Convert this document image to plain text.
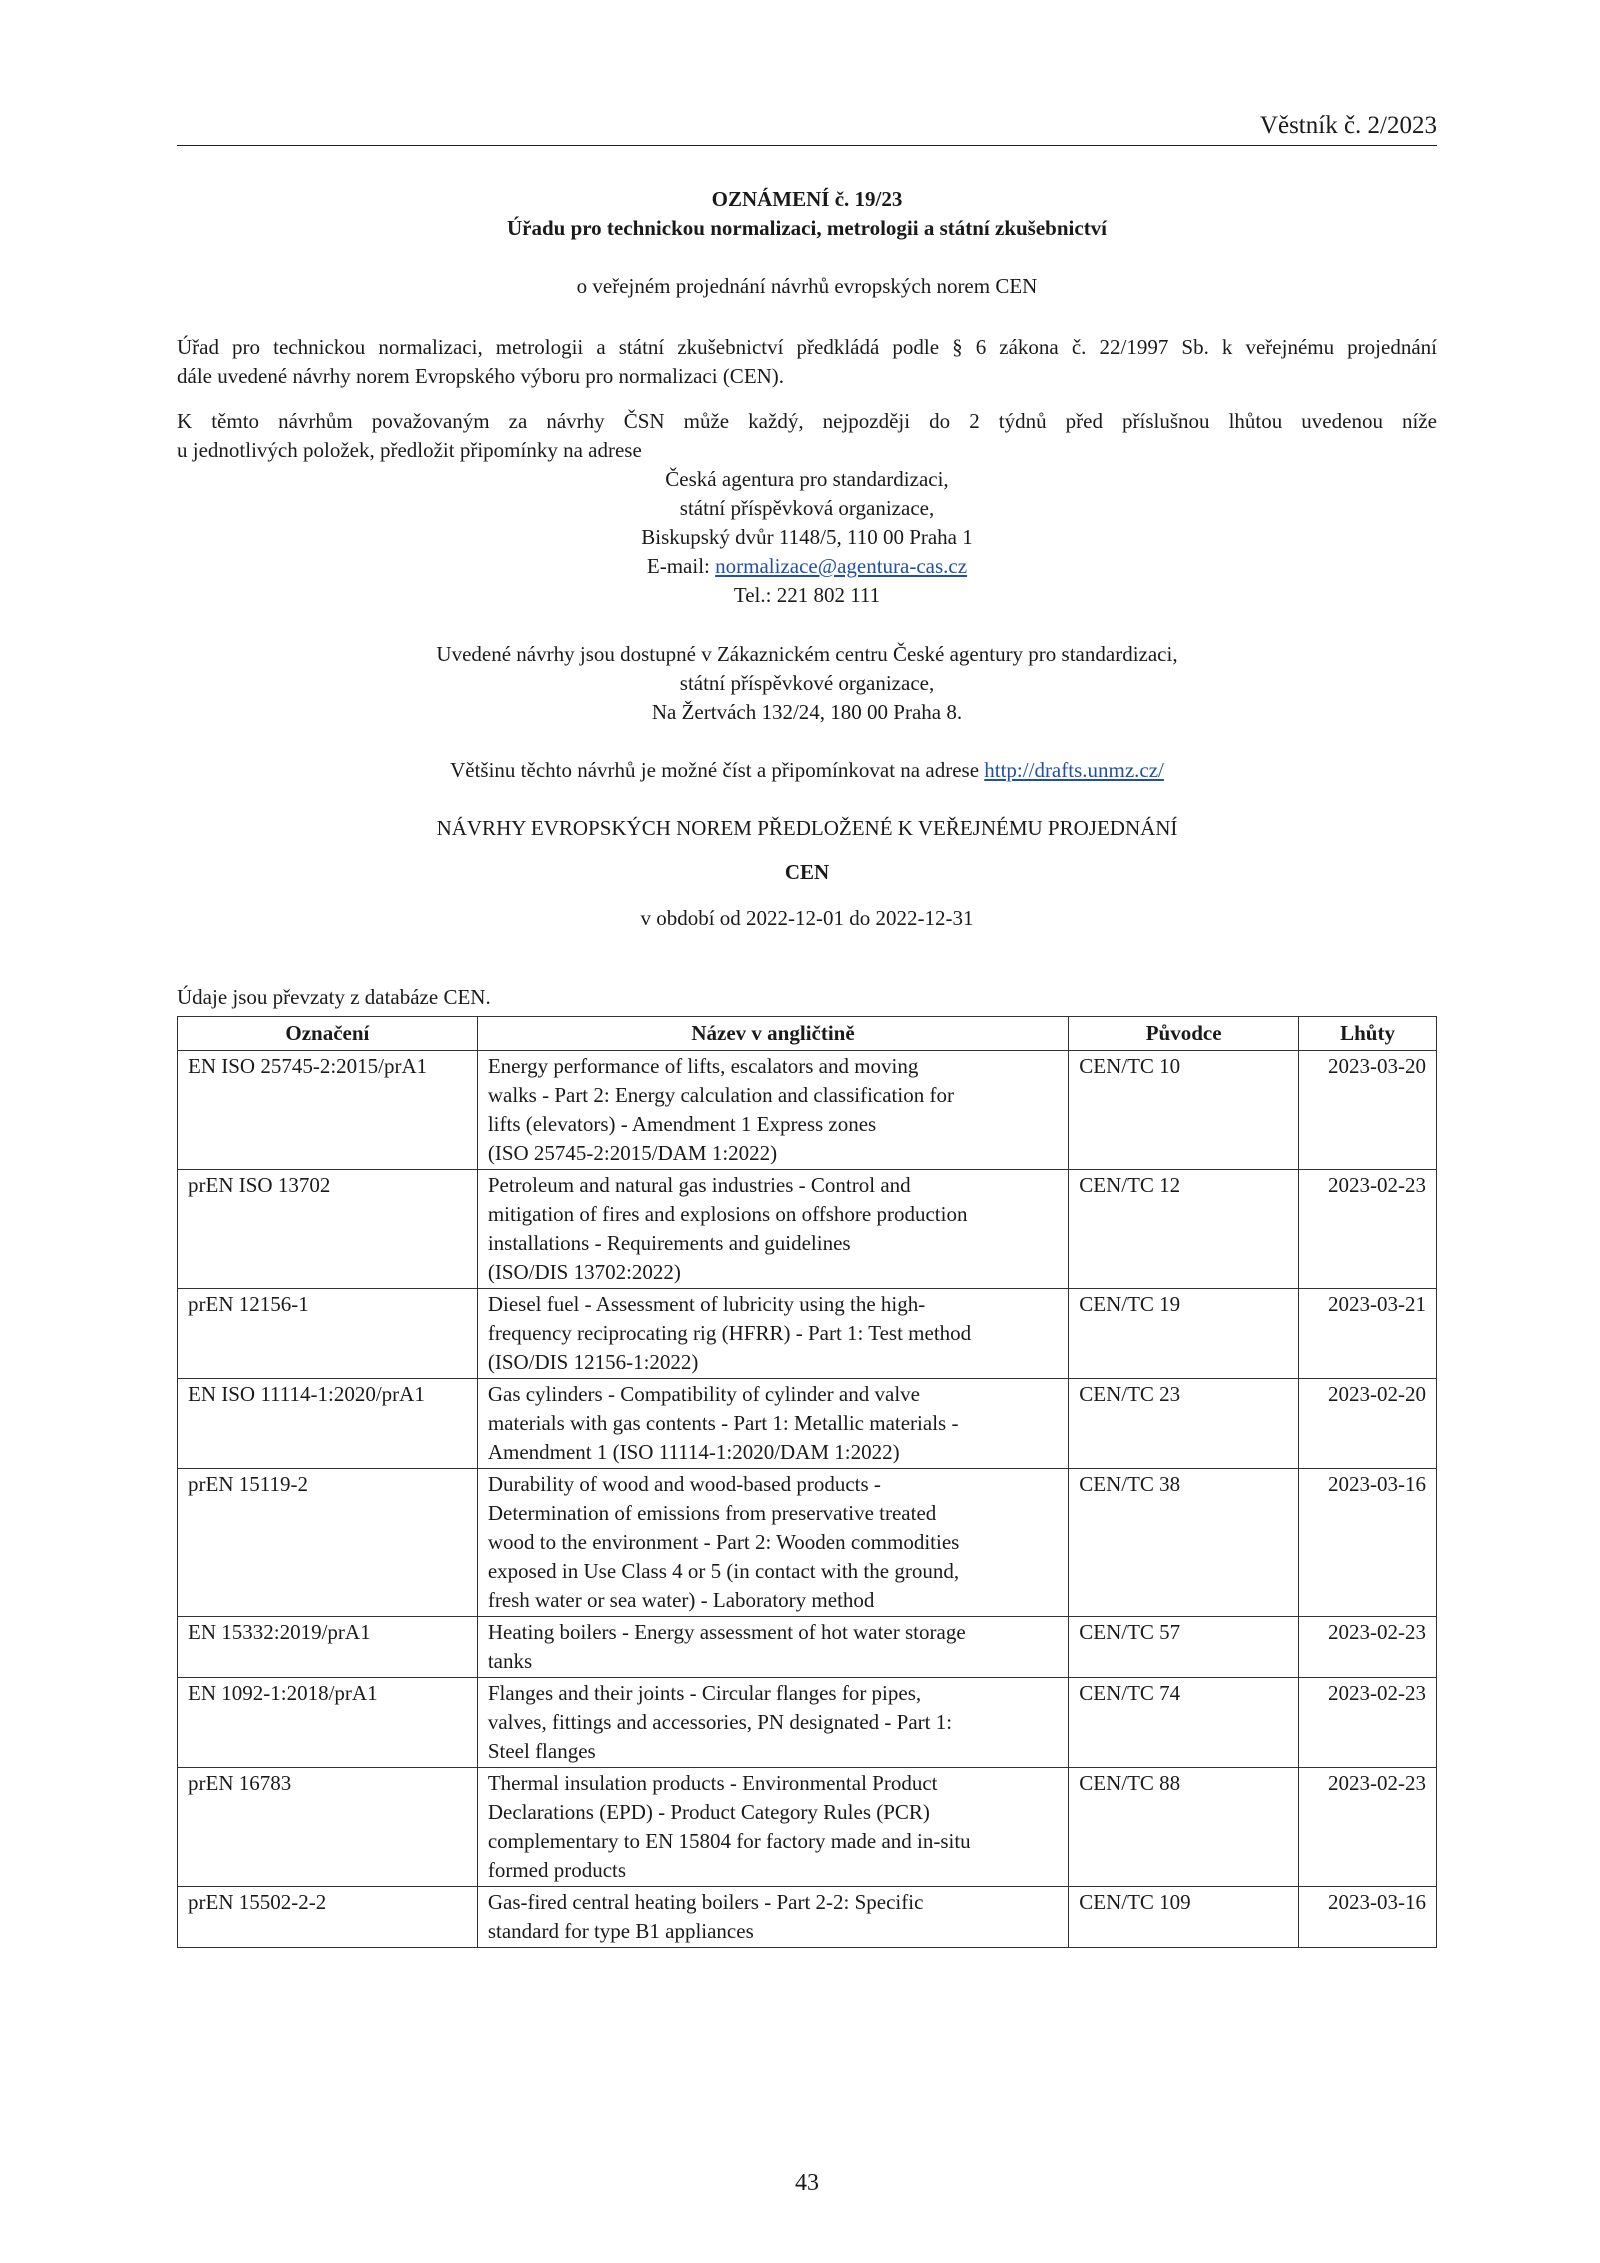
Věstník č. 2/2023
OZNÁMENÍ č. 19/23
Úřadu pro technickou normalizaci, metrologii a státní zkušebnictví
o veřejném projednání návrhů evropských norem CEN
Úřad pro technickou normalizaci, metrologii a státní zkušebnictví předkládá podle § 6 zákona č. 22/1997 Sb. k veřejnému projednání
dále uvedené návrhy norem Evropského výboru pro normalizaci (CEN).
K těmto návrhům považovaným za návrhy ČSN může každý, nejpozději do 2 týdnů před příslušnou lhůtou uvedenou níže
u jednotlivých položek, předložit připomínky na adrese
Česká agentura pro standardizaci,
státní příspěvková organizace,
Biskupský dvůr 1148/5, 110 00 Praha 1
E-mail: normalizace@agentura-cas.cz
Tel.: 221 802 111
Uvedené návrhy jsou dostupné v Zákaznickém centru České agentury pro standardizaci,
státní příspěvkové organizace,
Na Žertvách 132/24, 180 00 Praha 8.
Většinu těchto návrhů je možné číst a připomínkovat na adrese http://drafts.unmz.cz/
NÁVRHY EVROPSKÝCH NOREM PŘEDLOŽENÉ K VEŘEJNÉMU PROJEDNÁNÍ
CEN
v období od 2022-12-01 do 2022-12-31
Údaje jsou převzaty z databáze CEN.
Označení	Název v angličtině	Původce	Lhůty
EN ISO 25745-2:2015/prA1	Energy performance of lifts, escalators and moving
walks - Part 2: Energy calculation and classification for
lifts (elevators) - Amendment 1 Express zones
(ISO 25745-2:2015/DAM 1:2022)	CEN/TC 10	2023-03-20
prEN ISO 13702	Petroleum and natural gas industries - Control and
mitigation of fires and explosions on offshore production
installations - Requirements and guidelines
(ISO/DIS 13702:2022)	CEN/TC 12	2023-02-23
prEN 12156-1	Diesel fuel - Assessment of lubricity using the high-
frequency reciprocating rig (HFRR) - Part 1: Test method
(ISO/DIS 12156-1:2022)	CEN/TC 19	2023-03-21
EN ISO 11114-1:2020/prA1	Gas cylinders - Compatibility of cylinder and valve
materials with gas contents - Part 1: Metallic materials -
Amendment 1 (ISO 11114-1:2020/DAM 1:2022)	CEN/TC 23	2023-02-20
prEN 15119-2	Durability of wood and wood-based products -
Determination of emissions from preservative treated
wood to the environment - Part 2: Wooden commodities
exposed in Use Class 4 or 5 (in contact with the ground,
fresh water or sea water) - Laboratory method	CEN/TC 38	2023-03-16
EN 15332:2019/prA1	Heating boilers - Energy assessment of hot water storage
tanks	CEN/TC 57	2023-02-23
EN 1092-1:2018/prA1	Flanges and their joints - Circular flanges for pipes,
valves, fittings and accessories, PN designated - Part 1:
Steel flanges	CEN/TC 74	2023-02-23
prEN 16783	Thermal insulation products - Environmental Product
Declarations (EPD) - Product Category Rules (PCR)
complementary to EN 15804 for factory made and in-situ
formed products	CEN/TC 88	2023-02-23
prEN 15502-2-2	Gas-fired central heating boilers - Part 2-2: Specific
standard for type B1 appliances	CEN/TC 109	2023-03-16
43
